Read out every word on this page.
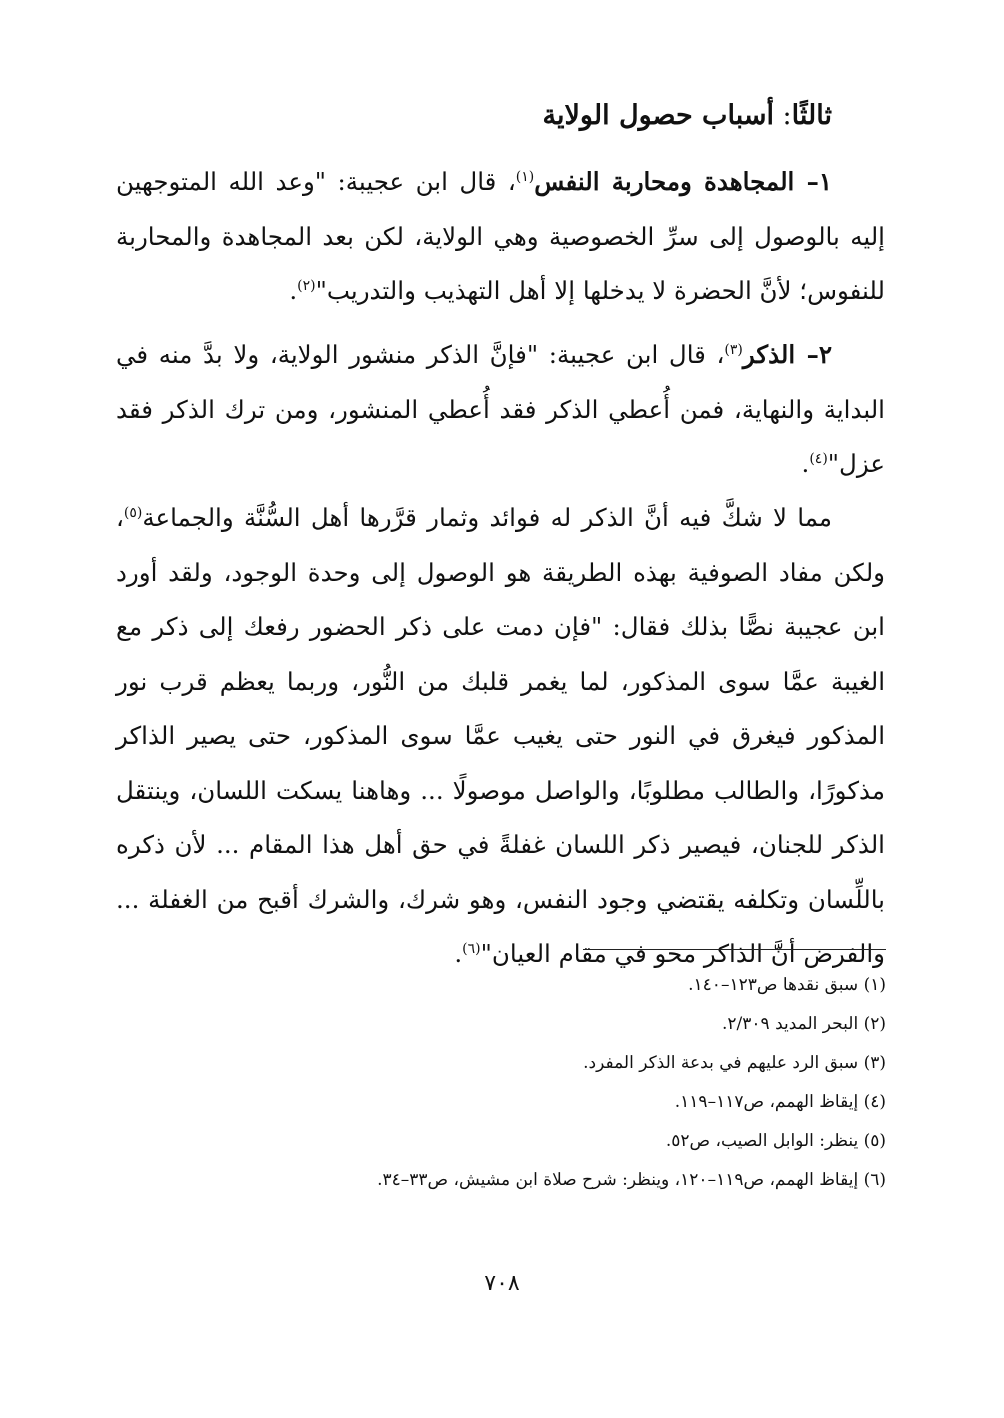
ثالثًا: أسباب حصول الولاية

١– المجاهدة ومحاربة النفس$^{(١)}$، قال ابن عجيبة: "وعد الله المتوجهين إليه بالوصول إلى سرِّ الخصوصية وهي الولاية، لكن بعد المجاهدة والمحاربة للنفوس؛ لأنَّ الحضرة لا يدخلها إلا أهل التهذيب والتدريب"$^{(٢)}$.

٢– الذكر$^{(٣)}$، قال ابن عجيبة: "فإنَّ الذكر منشور الولاية، ولا بدَّ منه في البداية والنهاية، فمن أُعطي الذكر فقد أُعطي المنشور، ومن ترك الذكر فقد عزل"$^{(٤)}$.

مما لا شكَّ فيه أنَّ الذكر له فوائد وثمار قرَّرها أهل السُّنَّة والجماعة$^{(٥)}$، ولكن مفاد الصوفية بهذه الطريقة هو الوصول إلى وحدة الوجود، ولقد أورد ابن عجيبة نصًّا بذلك فقال: "فإن دمت على ذكر الحضور رفعك إلى ذكر مع الغيبة عمَّا سوى المذكور، لما يغمر قلبك من النُّور، وربما يعظم قرب نور المذكور فيغرق في النور حتى يغيب عمَّا سوى المذكور، حتى يصير الذاكر مذكورًا، والطالب مطلوبًا، والواصل موصولًا ... وهاهنا يسكت اللسان، وينتقل الذكر للجنان، فيصير ذكر اللسان غفلةً في حق أهل هذا المقام ... لأن ذكره باللِّسان وتكلفه يقتضي وجود النفس، وهو شرك، والشرك أقبح من الغفلة ... والفرض أنَّ الذاكر محو في مقام العيان"$^{(٦)}$.

(١) سبق نقدها ص١٢٣–١٤٠.
(٢) البحر المديد ٢/٣٠٩.
(٣) سبق الرد عليهم في بدعة الذكر المفرد.
(٤) إيقاظ الهمم، ص١١٧–١١٩.
(٥) ينظر: الوابل الصيب، ص٥٢.
(٦) إيقاظ الهمم، ص١١٩–١٢٠، وينظر: شرح صلاة ابن مشيش، ص٣٣–٣٤.
٧٠٨
